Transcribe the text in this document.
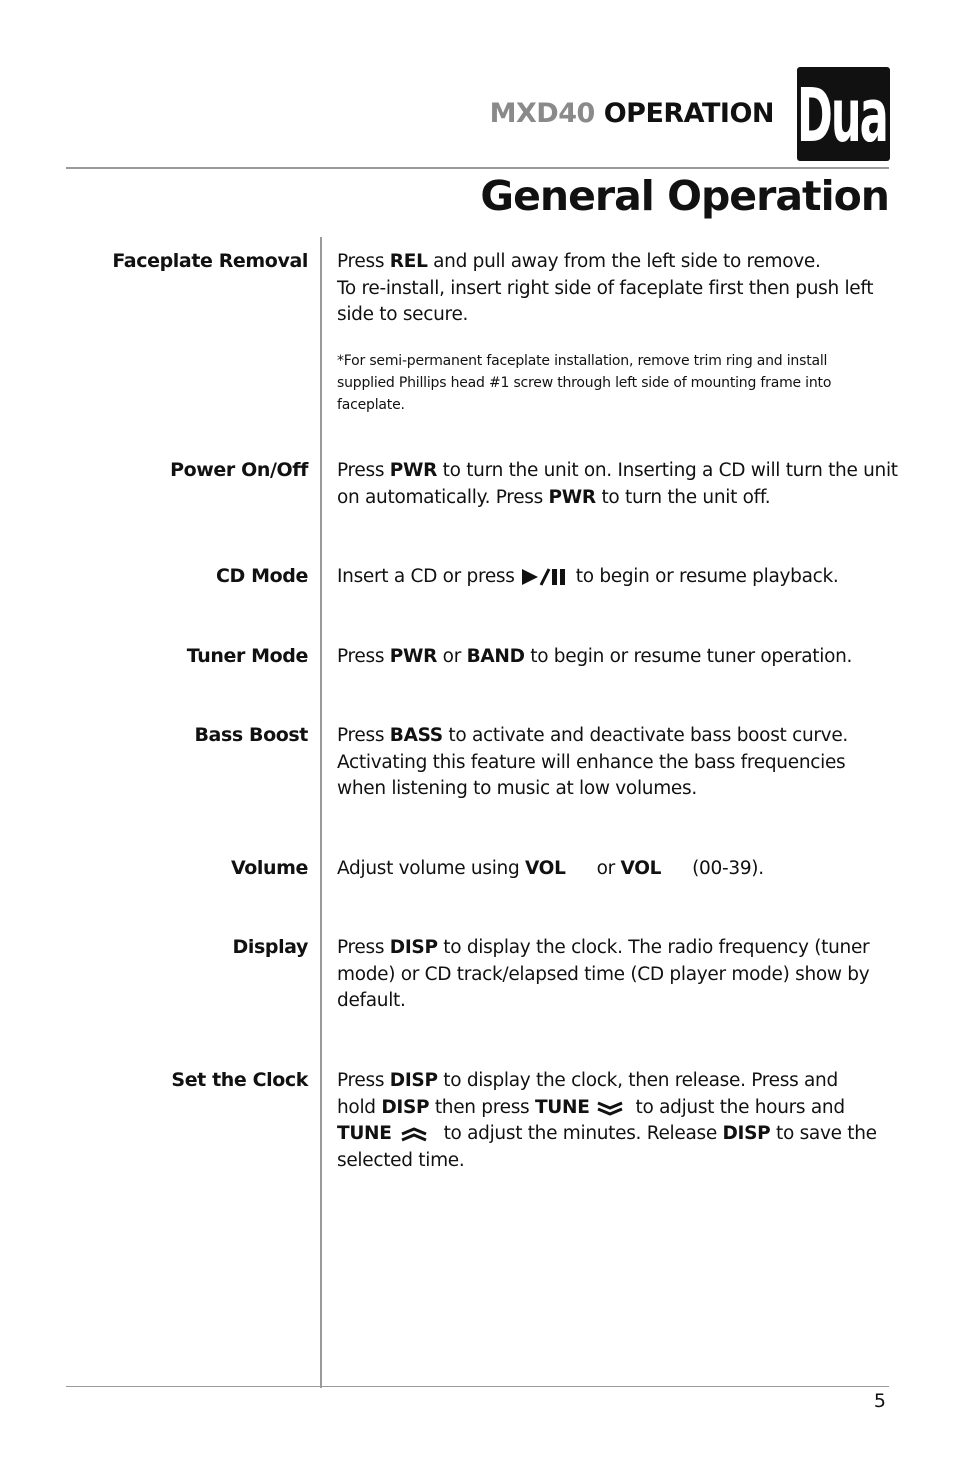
MXD40 OPERATION Dual
General Operation
Faceplate Removal Press REL and pull away from the left side to remove.
To re-install, insert right side of faceplate first then push left
side to secure.
*For semi-permanent faceplate installation, remove trim ring and install
supplied Phillips head #1 screw through left side of mounting frame into
faceplate.
Power On/Off Press PWR to turn the unit on. Inserting a CD will turn the unit
on automatically. Press PWR to turn the unit off.
CD Mode Insert a CD or press	to begin or resume playback.
Tuner Mode Press PWR or BAND to begin or resume tuner operation.
Bass Boost Press BASS to activate and deactivate bass boost curve.
Activating this feature will enhance the bass frequencies
when listening to music at low volumes.
Volume Adjust volume using VOL or VOL (00-39).
Display Press DISP to display the clock. The radio frequency (tuner
mode) or CD track/elapsed time (CD player mode) show by
default.
Set the Clock Press DISP to display the clock, then release. Press and
hold DISP then press TUNE to adjust the hours and
TUNE	to adjust the minutes. Release DISP to save the
selected time.
5
